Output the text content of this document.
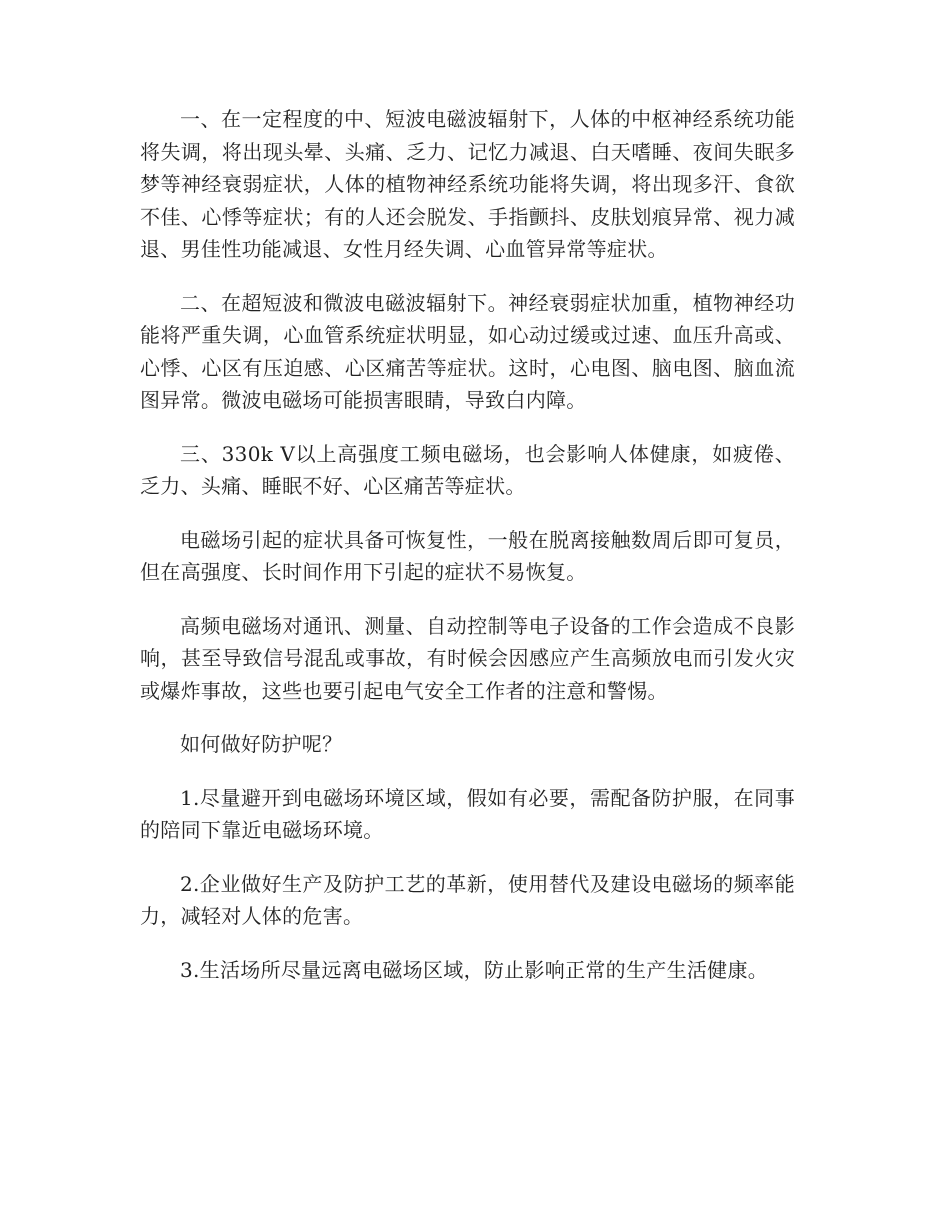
一、在一定程度的中、短波电磁波辐射下，人体的中枢神经系统功能将失调，将出现头晕、头痛、乏力、记忆力减退、白天嗜睡、夜间失眠多梦等神经衰弱症状，人体的植物神经系统功能将失调，将出现多汗、食欲不佳、心悸等症状；有的人还会脱发、手指颤抖、皮肤划痕异常、视力减退、男佳性功能减退、女性月经失调、心血管异常等症状。

二、在超短波和微波电磁波辐射下。神经衰弱症状加重，植物神经功能将严重失调，心血管系统症状明显，如心动过缓或过速、血压升高或、心悸、心区有压迫感、心区痛苦等症状。这时，心电图、脑电图、脑血流图异常。微波电磁场可能损害眼睛，导致白内障。

三、330k V以上高强度工频电磁场，也会影响人体健康，如疲倦、乏力、头痛、睡眠不好、心区痛苦等症状。

电磁场引起的症状具备可恢复性，一般在脱离接触数周后即可复员，但在高强度、长时间作用下引起的症状不易恢复。

高频电磁场对通讯、测量、自动控制等电子设备的工作会造成不良影响，甚至导致信号混乱或事故，有时候会因感应产生高频放电而引发火灾或爆炸事故，这些也要引起电气安全工作者的注意和警惕。

如何做好防护呢？

1.尽量避开到电磁场环境区域，假如有必要，需配备防护服，在同事的陪同下靠近电磁场环境。

2.企业做好生产及防护工艺的革新，使用替代及建设电磁场的频率能力，减轻对人体的危害。

3.生活场所尽量远离电磁场区域，防止影响正常的生产生活健康。
